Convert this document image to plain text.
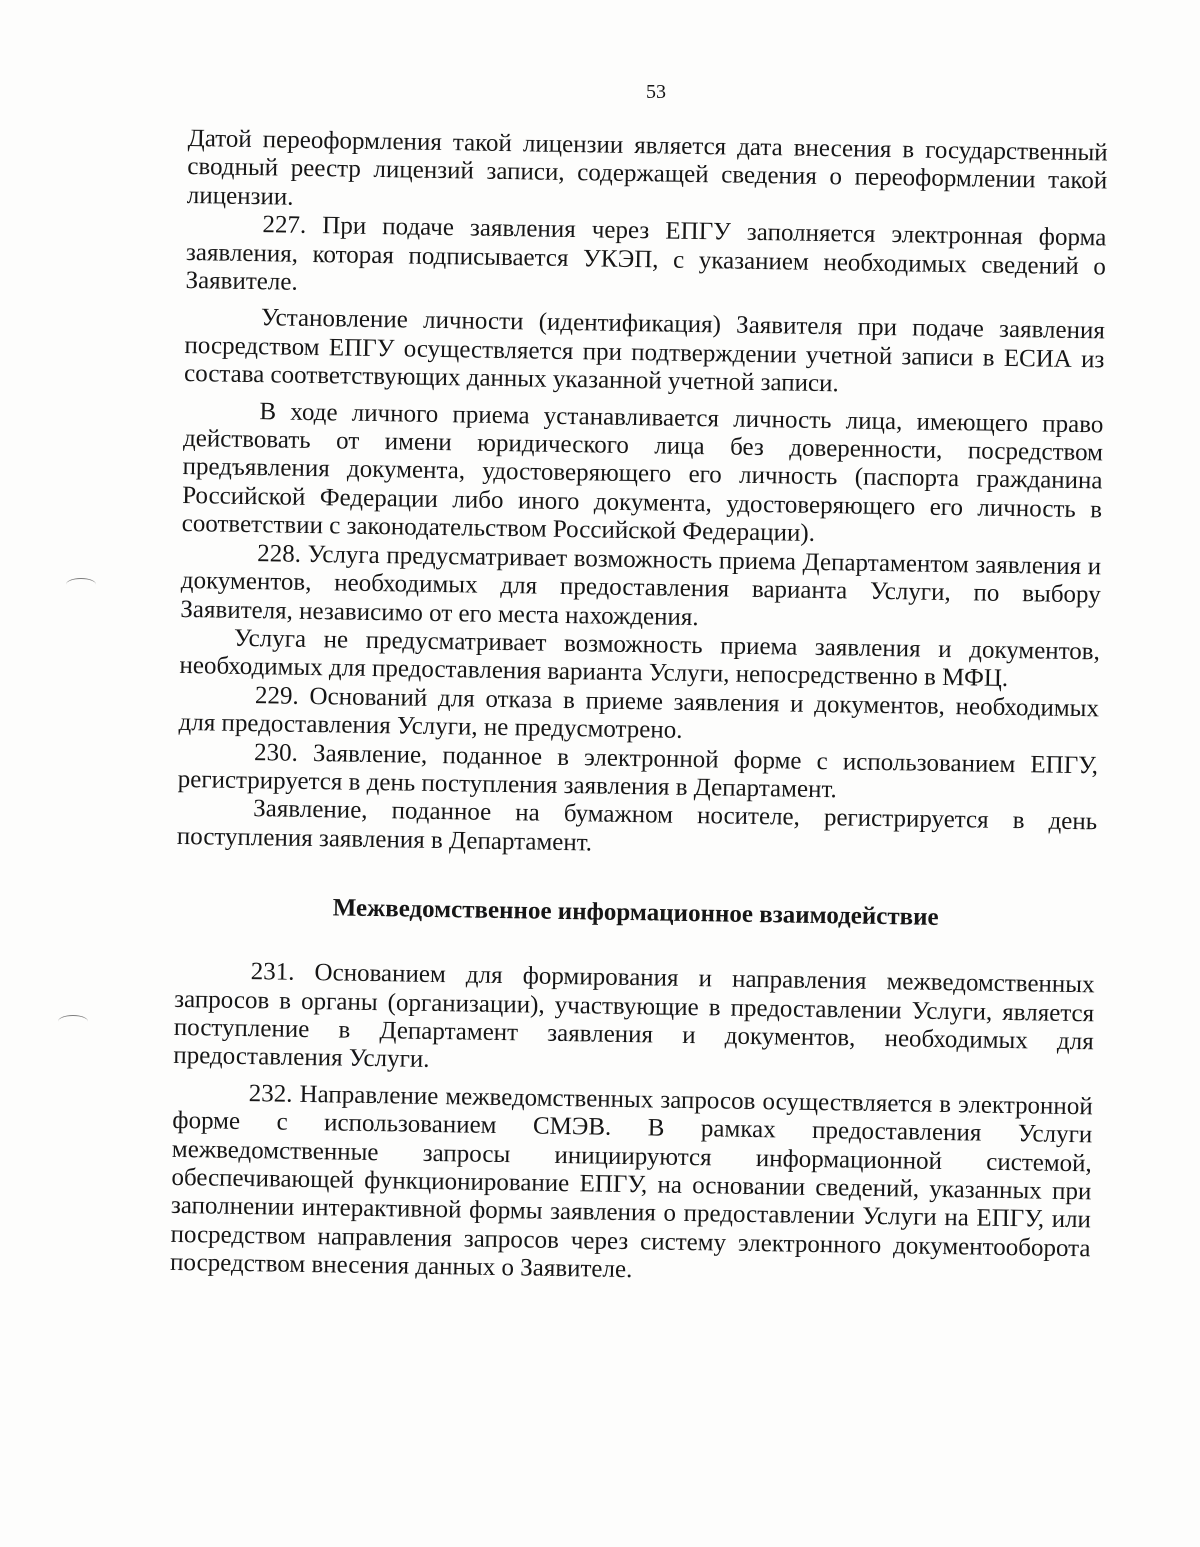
53

Датой переоформления такой лицензии является дата внесения в государственный сводный реестр лицензий записи, содержащей сведения о переоформлении такой лицензии.

227. При подаче заявления через ЕПГУ заполняется электронная форма заявления, которая подписывается УКЭП, с указанием необходимых сведений о Заявителе.

Установление личности (идентификация) Заявителя при подаче заявления посредством ЕПГУ осуществляется при подтверждении учетной записи в ЕСИА из состава соответствующих данных указанной учетной записи.

В ходе личного приема устанавливается личность лица, имеющего право действовать от имени юридического лица без доверенности, посредством предъявления документа, удостоверяющего его личность (паспорта гражданина Российской Федерации либо иного документа, удостоверяющего его личность в соответствии с законодательством Российской Федерации).

228. Услуга предусматривает возможность приема Департаментом заявления и документов, необходимых для предоставления варианта Услуги, по выбору Заявителя, независимо от его места нахождения.

Услуга не предусматривает возможность приема заявления и документов, необходимых для предоставления варианта Услуги, непосредственно в МФЦ.

229. Оснований для отказа в приеме заявления и документов, необходимых для предоставления Услуги, не предусмотрено.

230. Заявление, поданное в электронной форме с использованием ЕПГУ, регистрируется в день поступления заявления в Департамент.

Заявление, поданное на бумажном носителе, регистрируется в день поступления заявления в Департамент.

Межведомственное информационное взаимодействие

231. Основанием для формирования и направления межведомственных запросов в органы (организации), участвующие в предоставлении Услуги, является поступление в Департамент заявления и документов, необходимых для предоставления Услуги.

232. Направление межведомственных запросов осуществляется в электронной форме с использованием СМЭВ. В рамках предоставления Услуги межведомственные запросы инициируются информационной системой, обеспечивающей функционирование ЕПГУ, на основании сведений, указанных при заполнении интерактивной формы заявления о предоставлении Услуги на ЕПГУ, или посредством направления запросов через систему электронного документооборота посредством внесения данных о Заявителе.
